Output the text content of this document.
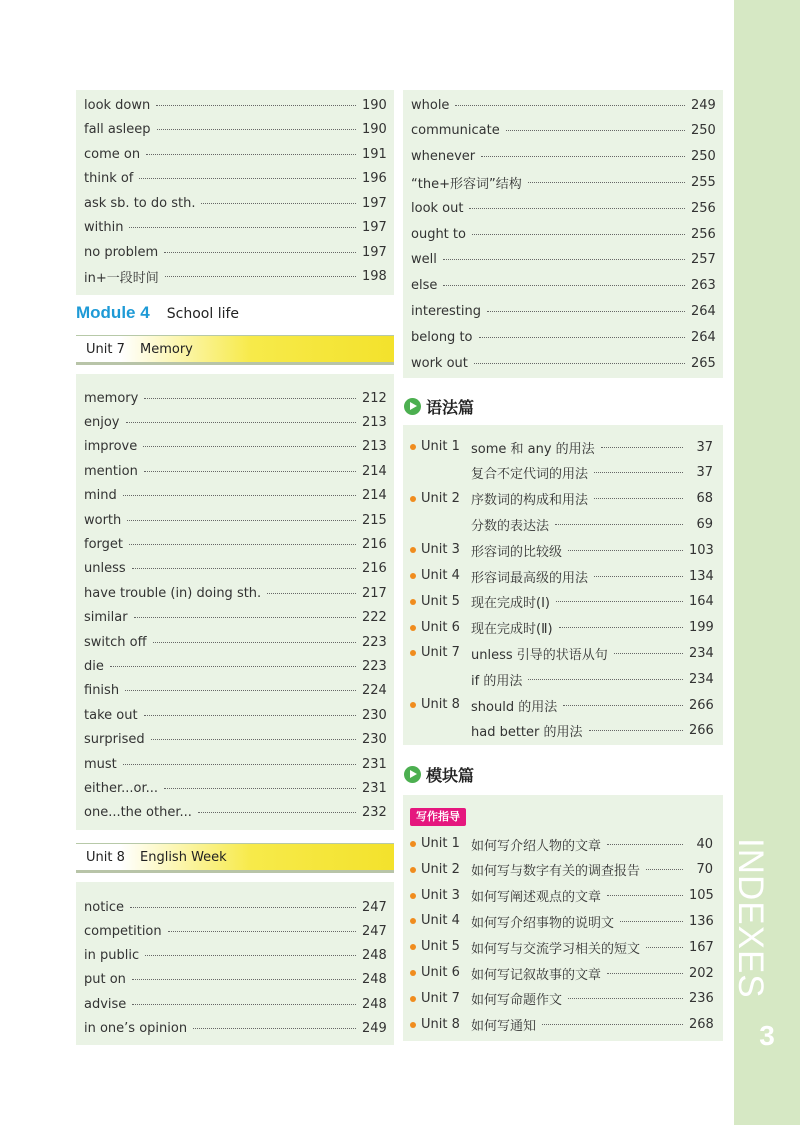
INDEXES
3
look down	190
fall asleep	190
come on	191
think of	196
ask sb. to do sth.	197
within	197
no problem	197
in+一段时间	198
Module 4 School life
Unit 7 Memory
memory	212
enjoy	213
improve	213
mention	214
mind	214
worth	215
forget	216
unless	216
have trouble (in) doing sth.	217
similar	222
switch off	223
die	223
finish	224
take out	230
surprised	230
must	231
either...or...	231
one...the other...	232
Unit 8 English Week
notice	247
competition	247
in public	248
put on	248
advise	248
in one’s opinion	249
whole	249
communicate	250
whenever	250
“the+形容词”结构	255
look out	256
ought to	256
well	257
else	263
interesting	264
belong to	264
work out	265
语法篇
Unit 1 some 和 any 的用法	37
复合不定代词的用法	37
Unit 2 序数词的构成和用法	68
分数的表达法	69
Unit 3 形容词的比较级	103
Unit 4 形容词最高级的用法	134
Unit 5 现在完成时(Ⅰ)	164
Unit 6 现在完成时(Ⅱ)	199
Unit 7 unless 引导的状语从句	234
if 的用法	234
Unit 8 should 的用法	266
had better 的用法	266
模块篇
Unit 1 如何写介绍人物的文章	40
Unit 2 如何写与数字有关的调查报告	70
Unit 3 如何写阐述观点的文章	105
Unit 4 如何写介绍事物的说明文	136
Unit 5 如何写与交流学习相关的短文	167
Unit 6 如何写记叙故事的文章	202
Unit 7 如何写命题作文	236
Unit 8 如何写通知	268
写作指导
